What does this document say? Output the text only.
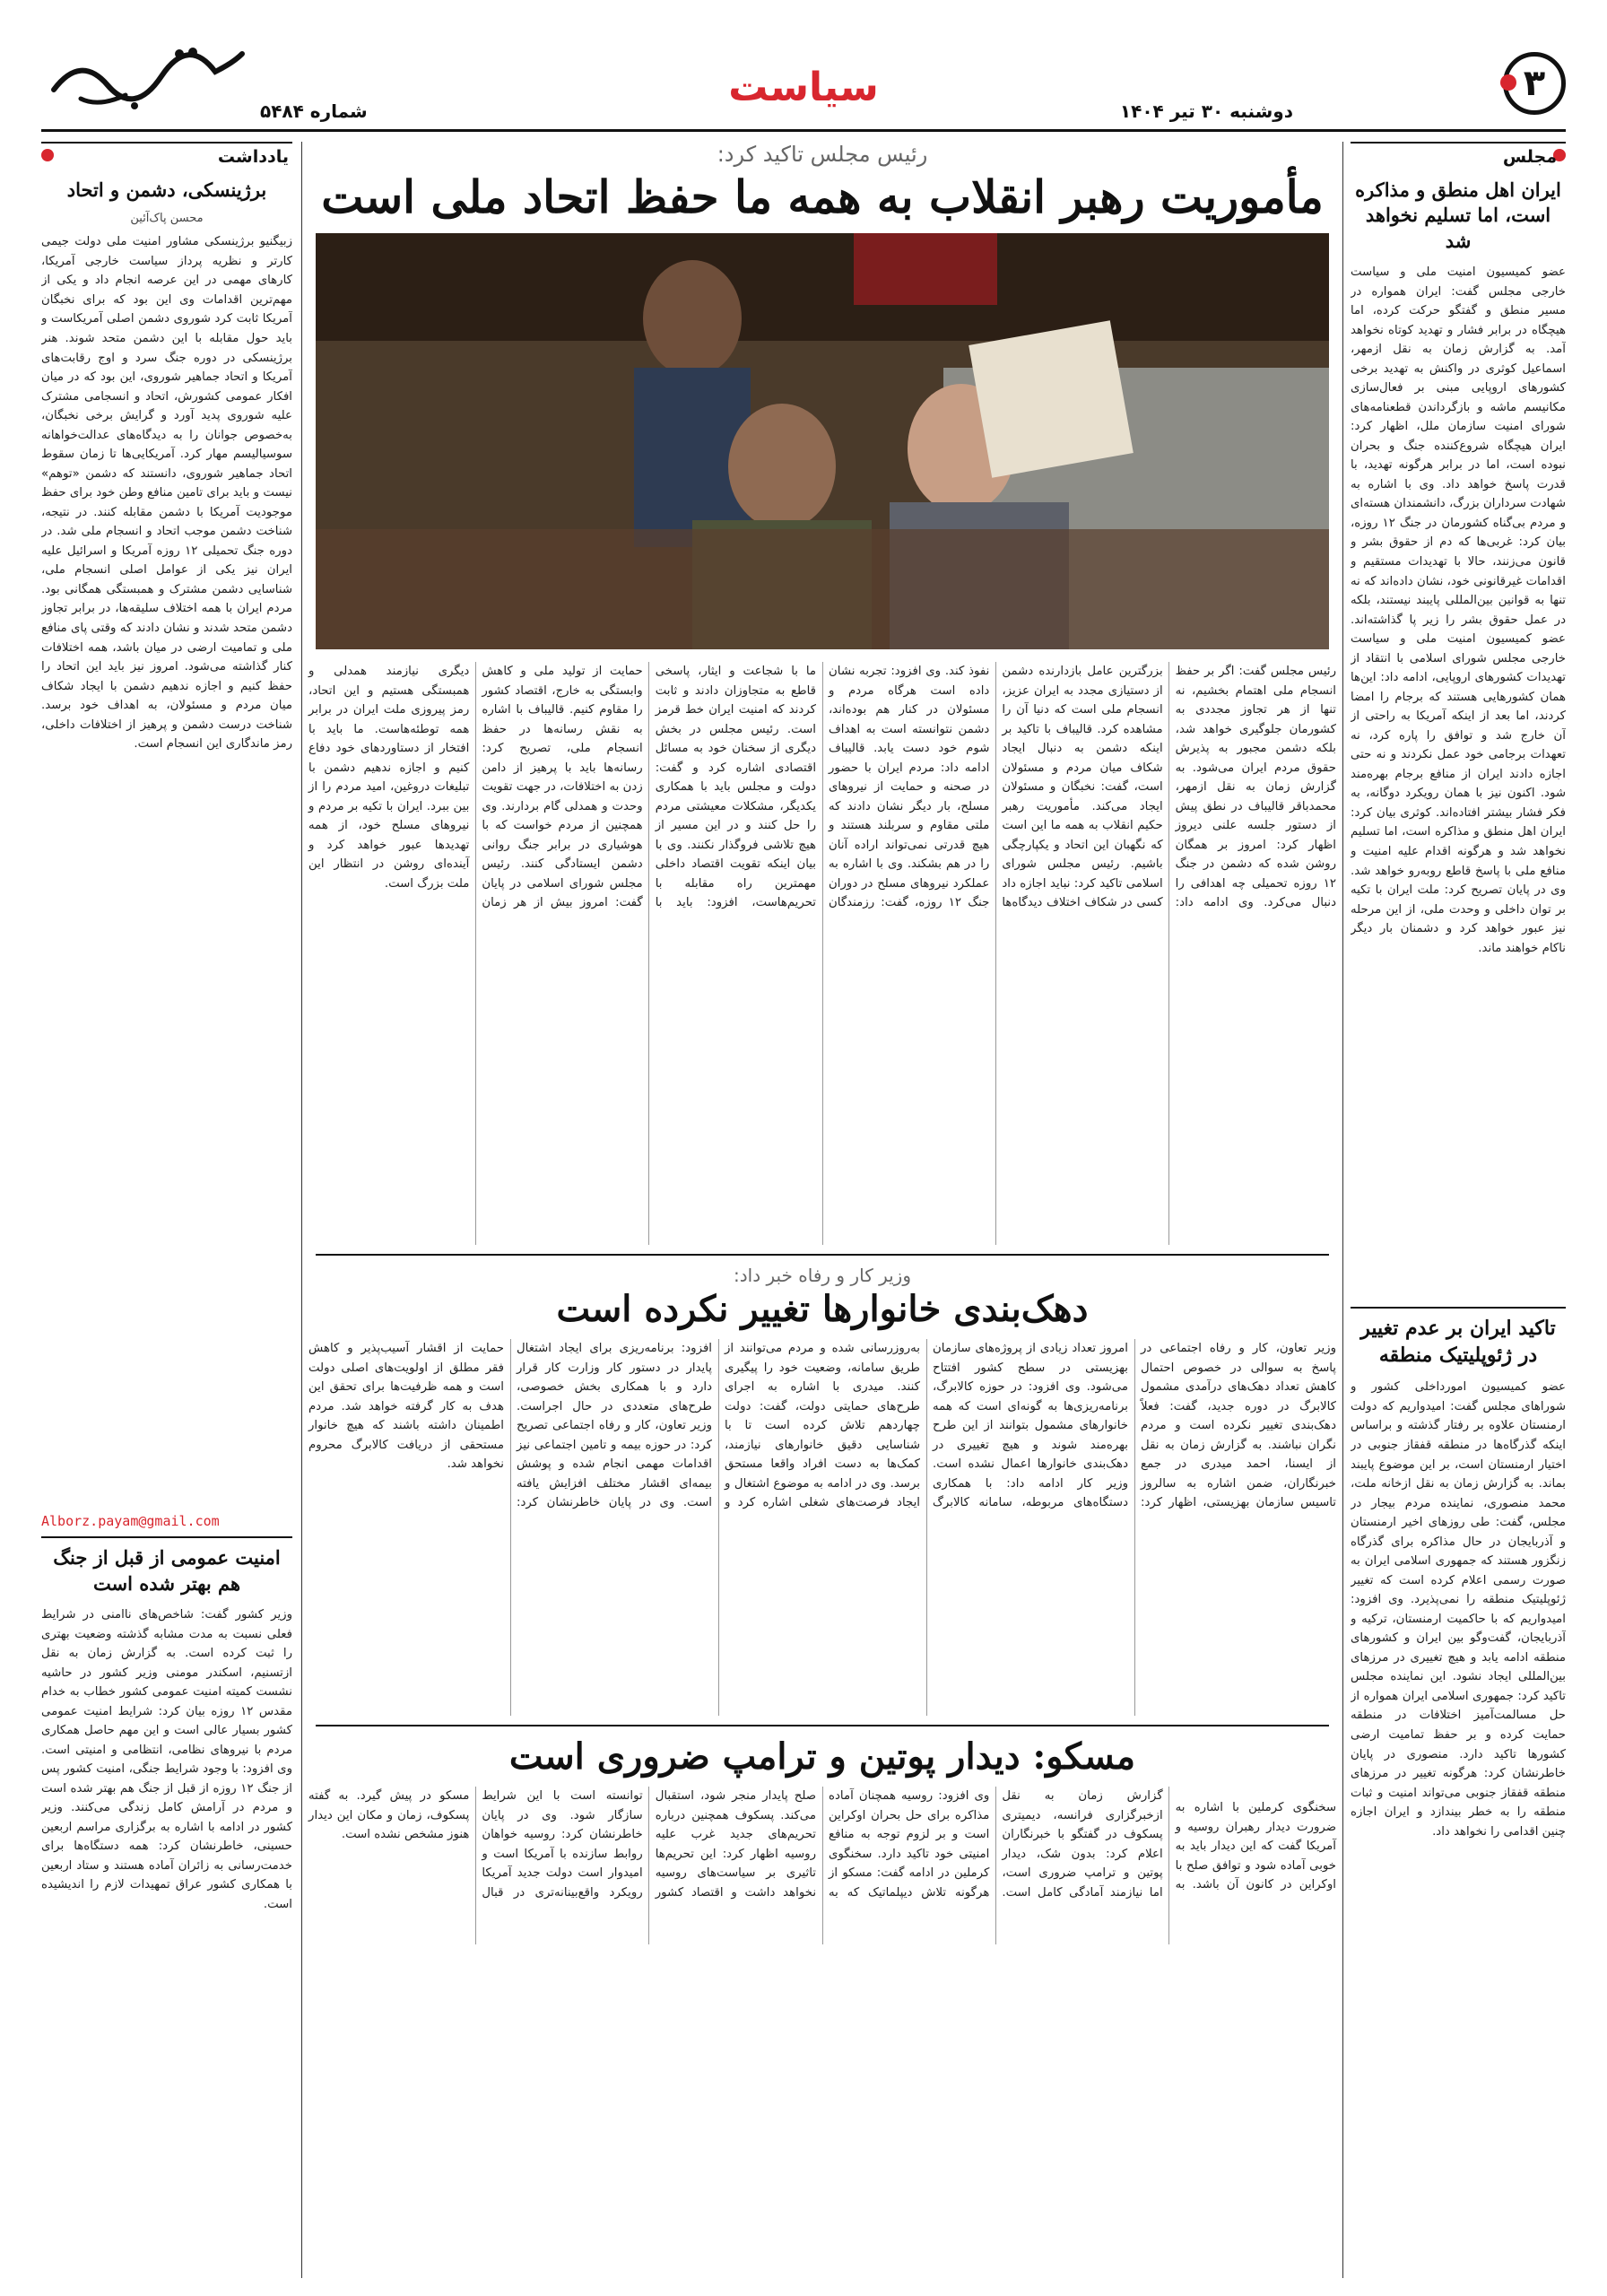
۳
سیاست
دوشنبه ۳۰ تیر ۱۴۰۴
شماره ۵۴۸۴
مجلس
ایران اهل منطق و مذاکره است، اما تسلیم نخواهد شد
عضو کمیسیون امنیت ملی و سیاست خارجی مجلس گفت: ایران همواره در مسیر منطق و گفتگو حرکت کرده، اما هیچگاه در برابر فشار و تهدید کوتاه نخواهد آمد. به گزارش زمان به نقل ازمهر، اسماعیل کوثری در واکنش به تهدید برخی کشورهای اروپایی مبنی بر فعال‌سازی مکانیسم ماشه و بازگرداندن قطعنامه‌های شورای امنیت سازمان ملل، اظهار کرد: ایران هیچگاه شروع‌کننده جنگ و بحران نبوده است، اما در برابر هرگونه تهدید، با قدرت پاسخ خواهد داد. وی با اشاره به شهادت سرداران بزرگ، دانشمندان هسته‌ای و مردم بی‌گناه کشورمان در جنگ ۱۲ روزه، بیان کرد: غربی‌ها که دم از حقوق بشر و قانون می‌زنند، حالا با تهدیدات مستقیم و اقدامات غیرقانونی خود، نشان داده‌اند که نه تنها به قوانین بین‌المللی پایبند نیستند، بلکه در عمل حقوق بشر را زیر پا گذاشته‌اند. عضو کمیسیون امنیت ملی و سیاست خارجی مجلس شورای اسلامی با انتقاد از تهدیدات کشورهای اروپایی، ادامه داد: این‌ها همان کشورهایی هستند که برجام را امضا کردند، اما بعد از اینکه آمریکا به راحتی از آن خارج شد و توافق را پاره کرد، نه تعهدات برجامی خود عمل نکردند و نه حتی اجازه دادند ایران از منافع برجام بهره‌مند شود. اکنون نیز با همان رویکرد دوگانه، به فکر فشار بیشتر افتاده‌اند. کوثری بیان کرد: ایران اهل منطق و مذاکره است، اما تسلیم نخواهد شد و هرگونه اقدام علیه امنیت و منافع ملی با پاسخ قاطع روبه‌رو خواهد شد. وی در پایان تصریح کرد: ملت ایران با تکیه بر توان داخلی و وحدت ملی، از این مرحله نیز عبور خواهد کرد و دشمنان بار دیگر ناکام خواهند ماند.
تاکید ایران بر عدم تغییر در ژئوپلیتیک منطقه
عضو کمیسیون امورداخلی کشور و شوراهای مجلس گفت: امیدواریم که دولت ارمنستان علاوه بر رفتار گذشته و براساس اینکه گذرگاه‌ها در منطقه قفقاز جنوبی در اختیار ارمنستان است، بر این موضوع پایبند بماند. به گزارش زمان به نقل ازخانه ملت، محمد منصوری، نماینده مردم بیجار در مجلس، گفت: طی روزهای اخیر ارمنستان و آذربایجان در حال مذاکره برای گذرگاه زنگزور هستند که جمهوری اسلامی ایران به صورت رسمی اعلام کرده است که تغییر ژئوپلیتیک منطقه را نمی‌پذیرد. وی افزود: امیدواریم که با حاکمیت ارمنستان، ترکیه و آذربایجان، گفت‌وگو بین ایران و کشورهای منطقه ادامه یابد و هیچ تغییری در مرزهای بین‌المللی ایجاد نشود. این نماینده مجلس تاکید کرد: جمهوری اسلامی ایران همواره از حل مسالمت‌آمیز اختلافات در منطقه حمایت کرده و بر حفظ تمامیت ارضی کشورها تاکید دارد. منصوری در پایان خاطرنشان کرد: هرگونه تغییر در مرزهای منطقه قفقاز جنوبی می‌تواند امنیت و ثبات منطقه را به خطر بیندازد و ایران اجازه چنین اقدامی را نخواهد داد.
یادداشت
برژینسکی، دشمن و اتحاد
محسن پاک‌آئین
زبیگنیو برژینسکی مشاور امنیت ملی دولت جیمی کارتر و نظریه پرداز سیاست خارجی آمریکا، کارهای مهمی در این عرصه انجام داد و یکی از مهم‌ترین اقدامات وی این بود که برای نخبگان آمریکا ثابت کرد شوروی دشمن اصلی آمریکاست و باید حول مقابله با این دشمن متحد شوند. هنر برژینسکی در دوره جنگ سرد و اوج رقابت‌های آمریکا و اتحاد جماهیر شوروی، این بود که در میان افکار عمومی کشورش، اتحاد و انسجامی مشترک علیه شوروی پدید آورد و گرایش برخی نخبگان، به‌خصوص جوانان را به دیدگاه‌های عدالت‌خواهانه سوسیالیسم مهار کرد. آمریکایی‌ها تا زمان سقوط اتحاد جماهیر شوروی، دانستند که دشمن «توهم» نیست و باید برای تامین منافع وطن خود برای حفظ موجودیت آمریکا با دشمن مقابله کنند. در نتیجه، شناخت دشمن موجب اتحاد و انسجام ملی شد. در دوره جنگ تحمیلی ۱۲ روزه آمریکا و اسرائیل علیه ایران نیز یکی از عوامل اصلی انسجام ملی، شناسایی دشمن مشترک و همبستگی همگانی بود. مردم ایران با همه اختلاف سلیقه‌ها، در برابر تجاوز دشمن متحد شدند و نشان دادند که وقتی پای منافع ملی و تمامیت ارضی در میان باشد، همه اختلافات کنار گذاشته می‌شود. امروز نیز باید این اتحاد را حفظ کنیم و اجازه ندهیم دشمن با ایجاد شکاف میان مردم و مسئولان، به اهداف خود برسد. شناخت درست دشمن و پرهیز از اختلافات داخلی، رمز ماندگاری این انسجام است.
Alborz.payam@gmail.com
امنیت عمومی از قبل از جنگ هم بهتر شده است
وزیر کشور گفت: شاخص‌های ناامنی در شرایط فعلی نسبت به مدت مشابه گذشته وضعیت بهتری را ثبت کرده است. به گزارش زمان به نقل ازتسنیم، اسکندر مومنی وزیر کشور در حاشیه نشست کمیته امنیت عمومی کشور خطاب به خدام مقدس ۱۲ روزه بیان کرد: شرایط امنیت عمومی کشور بسیار عالی است و این مهم حاصل همکاری مردم با نیروهای نظامی، انتظامی و امنیتی است. وی افزود: با وجود شرایط جنگی، امنیت کشور پس از جنگ ۱۲ روزه از قبل از جنگ هم بهتر شده است و مردم در آرامش کامل زندگی می‌کنند. وزیر کشور در ادامه با اشاره به برگزاری مراسم اربعین حسینی، خاطرنشان کرد: همه دستگاه‌ها برای خدمت‌رسانی به زائران آماده هستند و ستاد اربعین با همکاری کشور عراق تمهیدات لازم را اندیشیده است.
رئیس مجلس تاکید کرد:
مأموریت رهبر انقلاب به همه ما حفظ اتحاد ملی است

رئیس مجلس گفت: اگر بر حفظ انسجام ملی اهتمام بخشیم، نه تنها از هر تجاوز مجددی به کشورمان جلوگیری خواهد شد، بلکه دشمن مجبور به پذیرش حقوق مردم ایران می‌شود. به گزارش زمان به نقل ازمهر، محمدباقر قالیباف در نطق پیش از دستور جلسه علنی دیروز اظهار کرد: امروز بر همگان روشن شده که دشمن در جنگ ۱۲ روزه تحمیلی چه اهدافی را دنبال می‌کرد. وی ادامه داد: بزرگترین عامل بازدارنده دشمن از دستیازی مجدد به ایران عزیز، انسجام ملی است که دنیا آن را مشاهده کرد. قالیباف با تاکید بر اینکه دشمن به دنبال ایجاد شکاف میان مردم و مسئولان است، گفت: نخبگان و مسئولان ایجاد می‌کند. مأموریت رهبر حکیم انقلاب به همه ما این است که نگهبان این اتحاد و یکپارچگی باشیم. رئیس مجلس شورای اسلامی تاکید کرد: نباید اجازه داد کسی در شکاف اختلاف دیدگاه‌ها نفوذ کند. وی افزود: تجربه نشان داده است هرگاه مردم و مسئولان در کنار هم بوده‌اند، دشمن نتوانسته است به اهداف شوم خود دست یابد. قالیباف ادامه داد: مردم ایران با حضور در صحنه و حمایت از نیروهای مسلح، بار دیگر نشان دادند که ملتی مقاوم و سربلند هستند و هیچ قدرتی نمی‌تواند اراده آنان را در هم بشکند. وی با اشاره به عملکرد نیروهای مسلح در دوران جنگ ۱۲ روزه، گفت: رزمندگان ما با شجاعت و ایثار، پاسخی قاطع به متجاوزان دادند و ثابت کردند که امنیت ایران خط قرمز است. رئیس مجلس در بخش دیگری از سخنان خود به مسائل اقتصادی اشاره کرد و گفت: دولت و مجلس باید با همکاری یکدیگر، مشکلات معیشتی مردم را حل کنند و در این مسیر از هیچ تلاشی فروگذار نکنند. وی با بیان اینکه تقویت اقتصاد داخلی مهمترین راه مقابله با تحریم‌هاست، افزود: باید با حمایت از تولید ملی و کاهش وابستگی به خارج، اقتصاد کشور را مقاوم کنیم. قالیباف با اشاره به نقش رسانه‌ها در حفظ انسجام ملی، تصریح کرد: رسانه‌ها باید با پرهیز از دامن زدن به اختلافات، در جهت تقویت وحدت و همدلی گام بردارند. وی همچنین از مردم خواست که با هوشیاری در برابر جنگ روانی دشمن ایستادگی کنند. رئیس مجلس شورای اسلامی در پایان گفت: امروز بیش از هر زمان دیگری نیازمند همدلی و همبستگی هستیم و این اتحاد، رمز پیروزی ملت ایران در برابر همه توطئه‌هاست. ما باید با افتخار از دستاوردهای خود دفاع کنیم و اجازه ندهیم دشمن با تبلیغات دروغین، امید مردم را از بین ببرد. ایران با تکیه بر مردم و نیروهای مسلح خود، از همه تهدیدها عبور خواهد کرد و آینده‌ای روشن در انتظار این ملت بزرگ است.

وزیر کار و رفاه خبر داد:
دهک‌بندی خانوارها تغییر نکرده است

وزیر تعاون، کار و رفاه اجتماعی در پاسخ به سوالی در خصوص احتمال کاهش تعداد دهک‌های درآمدی مشمول کالابرگ در دوره جدید، گفت: فعلاً دهک‌بندی تغییر نکرده است و مردم نگران نباشند. به گزارش زمان به نقل از ایسنا، احمد میدری در جمع خبرنگاران، ضمن اشاره به سالروز تاسیس سازمان بهزیستی، اظهار کرد: امروز تعداد زیادی از پروژه‌های سازمان بهزیستی در سطح کشور افتتاح می‌شود. وی افزود: در حوزه کالابرگ، برنامه‌ریزی‌ها به گونه‌ای است که همه خانوارهای مشمول بتوانند از این طرح بهره‌مند شوند و هیچ تغییری در دهک‌بندی خانوارها اعمال نشده است. وزیر کار ادامه داد: با همکاری دستگاه‌های مربوطه، سامانه کالابرگ به‌روزرسانی شده و مردم می‌توانند از طریق سامانه، وضعیت خود را پیگیری کنند. میدری با اشاره به اجرای طرح‌های حمایتی دولت، گفت: دولت چهاردهم تلاش کرده است تا با شناسایی دقیق خانوارهای نیازمند، کمک‌ها به دست افراد واقعا مستحق برسد. وی در ادامه به موضوع اشتغال و ایجاد فرصت‌های شغلی اشاره کرد و افزود: برنامه‌ریزی برای ایجاد اشتغال پایدار در دستور کار وزارت کار قرار دارد و با همکاری بخش خصوصی، طرح‌های متعددی در حال اجراست. وزیر تعاون، کار و رفاه اجتماعی تصریح کرد: در حوزه بیمه و تامین اجتماعی نیز اقدامات مهمی انجام شده و پوشش بیمه‌ای اقشار مختلف افزایش یافته است. وی در پایان خاطرنشان کرد: حمایت از اقشار آسیب‌پذیر و کاهش فقر مطلق از اولویت‌های اصلی دولت است و همه ظرفیت‌ها برای تحقق این هدف به کار گرفته خواهد شد. مردم اطمینان داشته باشند که هیچ خانوار مستحقی از دریافت کالابرگ محروم نخواهد شد.

مسکو: دیدار پوتین و ترامپ ضروری است

سخنگوی کرملین با اشاره به ضرورت دیدار رهبران روسیه و آمریکا گفت که این دیدار باید به خوبی آماده شود و توافق صلح با اوکراین در کانون آن باشد. به گزارش زمان به نقل ازخبرگزاری فرانسه، دیمیتری پسکوف در گفتگو با خبرنگاران اعلام کرد: بدون شک، دیدار پوتین و ترامپ ضروری است، اما نیازمند آمادگی کامل است. وی افزود: روسیه همچنان آماده مذاکره برای حل بحران اوکراین است و بر لزوم توجه به منافع امنیتی خود تاکید دارد. سخنگوی کرملین در ادامه گفت: مسکو از هرگونه تلاش دیپلماتیک که به صلح پایدار منجر شود، استقبال می‌کند. پسکوف همچنین درباره تحریم‌های جدید غرب علیه روسیه اظهار کرد: این تحریم‌ها تاثیری بر سیاست‌های روسیه نخواهد داشت و اقتصاد کشور توانسته است با این شرایط سازگار شود. وی در پایان خاطرنشان کرد: روسیه خواهان روابط سازنده با آمریکا است و امیدوار است دولت جدید آمریکا رویکرد واقع‌بینانه‌تری در قبال مسکو در پیش گیرد. به گفته پسکوف، زمان و مکان این دیدار هنوز مشخص نشده است.
